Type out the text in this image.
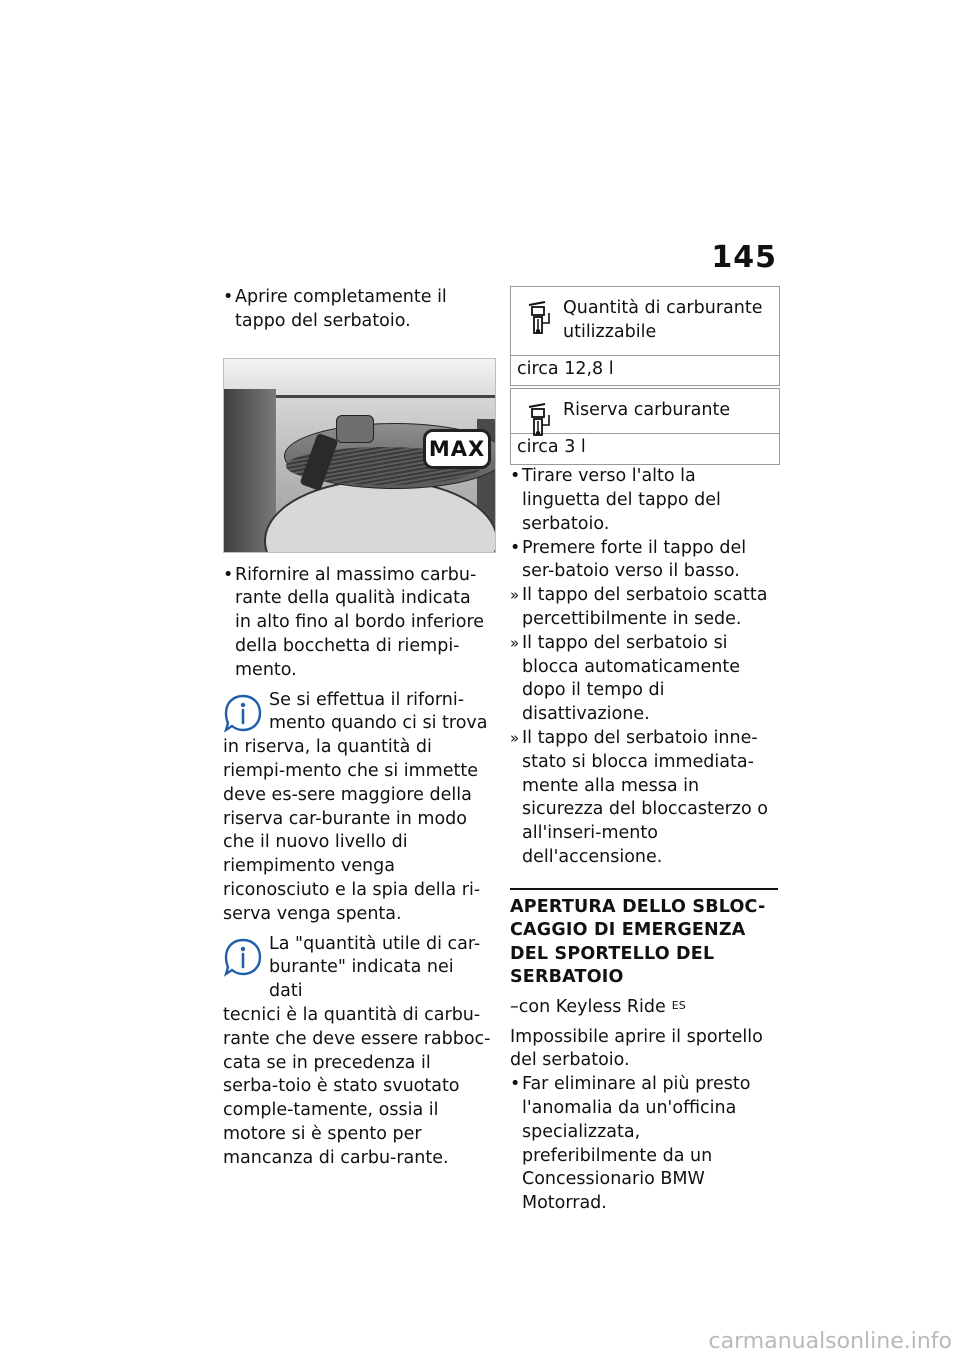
145
• Aprire completamente il tappo del serbatoio.
MAX
• Rifornire al massimo carbu-rante della qualità indicata in alto fino al bordo inferiore della bocchetta di riempi-mento.
Se si effettua il riforni-
mento quando ci si trova
in riserva, la quantità di riempi-mento che si immette deve es-sere maggiore della riserva car-burante in modo che il nuovo livello di riempimento venga riconosciuto e la spia della ri-serva venga spenta.
La "quantità utile di car-
burante" indicata nei dati
tecnici è la quantità di carbu-rante che deve essere rabboc-cata se in precedenza il serba-toio è stato svuotato comple-tamente, ossia il motore si è spento per mancanza di carbu-rante.
Quantità di carburante utilizzabile
circa 12,8 l
Riserva carburante
circa 3 l
• Tirare verso l'alto la linguetta del tappo del serbatoio.
• Premere forte il tappo del ser-batoio verso il basso.
» Il tappo del serbatoio scatta percettibilmente in sede.
» Il tappo del serbatoio si blocca automaticamente dopo il tempo di disattivazione.
» Il tappo del serbatoio inne-stato si blocca immediata-mente alla messa in sicurezza del bloccasterzo o all'inseri-mento dell'accensione.
APERTURA DELLO SBLOC-CAGGIO DI EMERGENZA DEL SPORTELLO DEL SERBATOIO
–con Keyless Ride $^{ES}$
Impossibile aprire il sportello del serbatoio.
• Far eliminare al più presto l'anomalia da un'officina specializzata, preferibilmente da un Concessionario BMW Motorrad.
carmanualsonline.info
